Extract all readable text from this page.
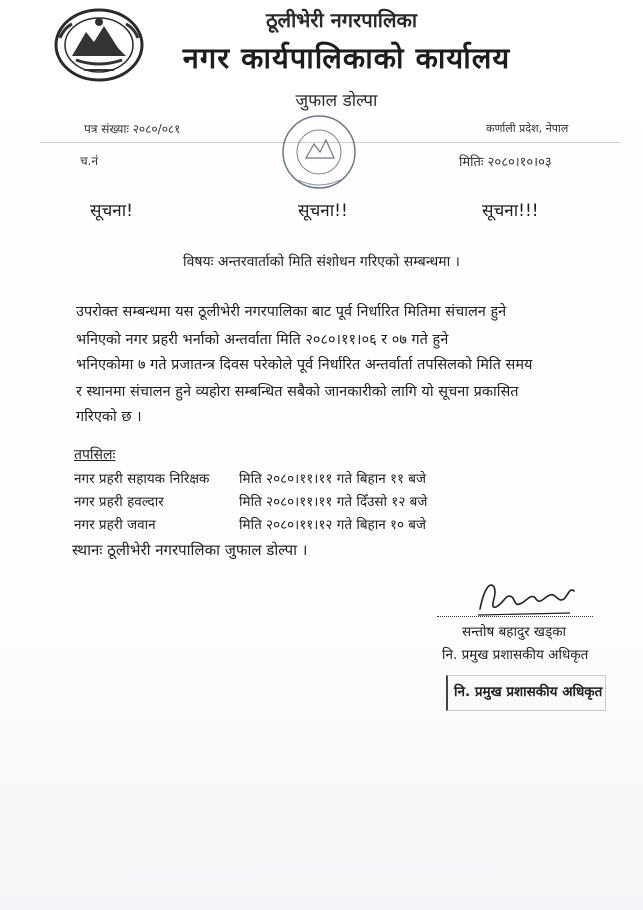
ठूलीभेरी नगरपालिका
नगर कार्यपालिकाको कार्यालय
जुफाल डोल्पा
पत्र संख्याः २०८०/०८१	कर्णाली प्रदेश, नेपाल
च.नं	मितिः २०८०।१०।०३
सूचना!	सूचना!!	सूचना!!!
विषयः अन्तरवार्ताको मिति संशोधन गरिएको सम्बन्धमा ।
उपरोक्त सम्बन्धमा यस ठूलीभेरी नगरपालिका बाट पूर्व निर्धारित मितिमा संचालन हुने
भनिएको नगर प्रहरी भर्नाको अन्तर्वाता मिति २०८०।११।०६ र ०७ गते हुने
भनिएकोमा ७ गते प्रजातन्त्र दिवस परेकोले पूर्व निर्धारित अन्तर्वार्ता तपसिलको मिति समय
र स्थानमा संचालन हुने व्यहोरा सम्बन्धित सबैको जानकारीको लागि यो सूचना प्रकासित
गरिएको छ ।
तपसिलः
नगर प्रहरी सहायक निरिक्षक मिति २०८०।११।११ गते बिहान ११ बजे
नगर प्रहरी हवल्दार	मिति २०८०।११।११ गते दिँउसो १२ बजे
नगर प्रहरी जवान	मिति २०८०।११।१२ गते बिहान १० बजे
स्थानः ठूलीभेरी नगरपालिका जुफाल डोल्पा ।
सन्तोष बहादुर खड्का
नि. प्रमुख प्रशासकीय अधिकृत
नि. प्रमुख प्रशासकीय अधिकृत
